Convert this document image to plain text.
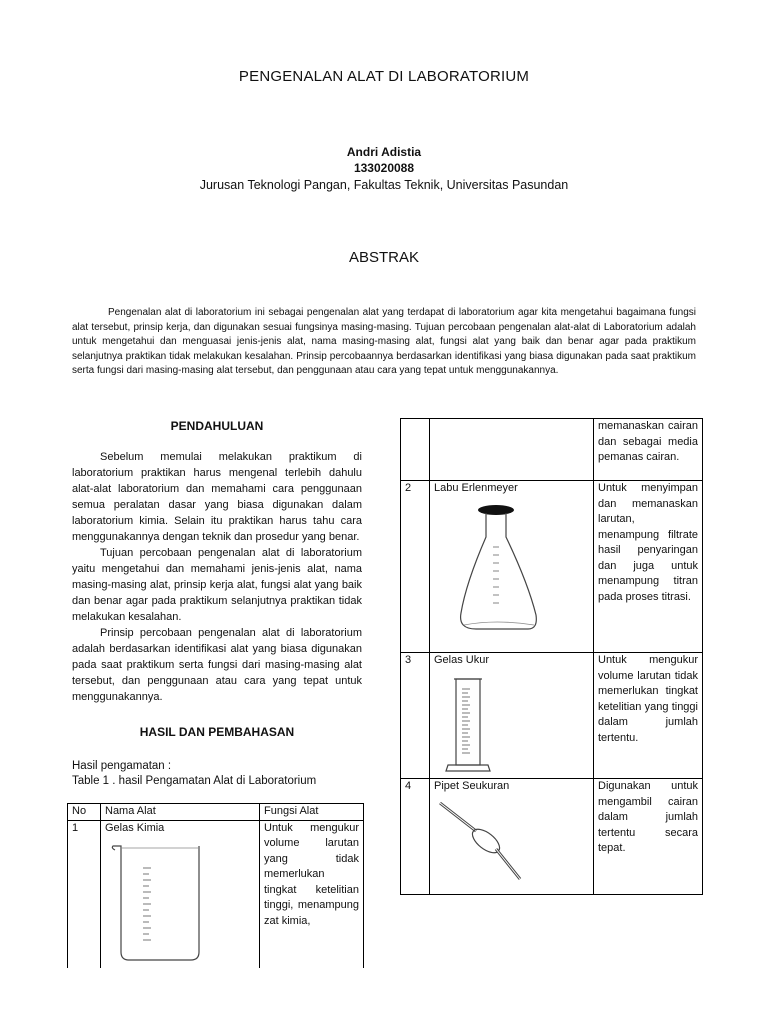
PENGENALAN ALAT DI LABORATORIUM
Andri Adistia
133020088
Jurusan Teknologi Pangan, Fakultas Teknik, Universitas Pasundan
ABSTRAK
Pengenalan alat di laboratorium ini sebagai pengenalan alat yang terdapat di laboratorium agar kita mengetahui bagaimana fungsi alat tersebut, prinsip kerja, dan digunakan sesuai fungsinya masing-masing. Tujuan percobaan pengenalan alat-alat di Laboratorium adalah untuk mengetahui dan menguasai jenis-jenis alat, nama masing-masing alat, fungsi alat yang baik dan benar agar pada praktikum selanjutnya praktikan tidak melakukan kesalahan. Prinsip percobaannya berdasarkan identifikasi yang biasa digunakan pada saat praktikum serta fungsi dari masing-masing alat tersebut, dan penggunaan atau cara yang tepat untuk menggunakannya.
PENDAHULUAN

Sebelum memulai melakukan praktikum di laboratorium praktikan harus mengenal terlebih dahulu alat-alat laboratorium dan memahami cara penggunaan semua peralatan dasar yang biasa digunakan dalam laboratorium kimia. Selain itu praktikan harus tahu cara menggunakannya dengan teknik dan prosedur yang benar.

Tujuan percobaan pengenalan alat di laboratorium yaitu mengetahui dan memahami jenis-jenis alat, nama masing-masing alat, prinsip kerja alat, fungsi alat yang baik dan benar agar pada praktikum selanjutnya praktikan tidak melakukan kesalahan.

Prinsip percobaan pengenalan alat di laboratorium adalah berdasarkan identifikasi alat yang biasa digunakan pada saat praktikum serta fungsi dari masing-masing alat tersebut, dan penggunaan atau cara yang tepat untuk menggunakannya.

HASIL DAN PEMBAHASAN
Hasil pengamatan :
Table 1 . hasil Pengamatan Alat di Laboratorium
No	Nama Alat	Fungsi Alat
1	Gelas Kimia	Untuk mengukur volume larutan yang tidak memerlukan tingkat ketelitian tinggi, menampung zat kimia,
		memanaskan cairan dan sebagai media pemanas cairan.
2	Labu Erlenmeyer	Untuk menyimpan dan memanaskan larutan, menampung filtrate hasil penyaringan dan juga untuk menampung titran pada proses titrasi.
3	Gelas Ukur	Untuk mengukur volume larutan tidak memerlukan tingkat ketelitian yang tinggi dalam jumlah tertentu.
4	Pipet Seukuran	Digunakan untuk mengambil cairan dalam jumlah tertentu secara tepat.
